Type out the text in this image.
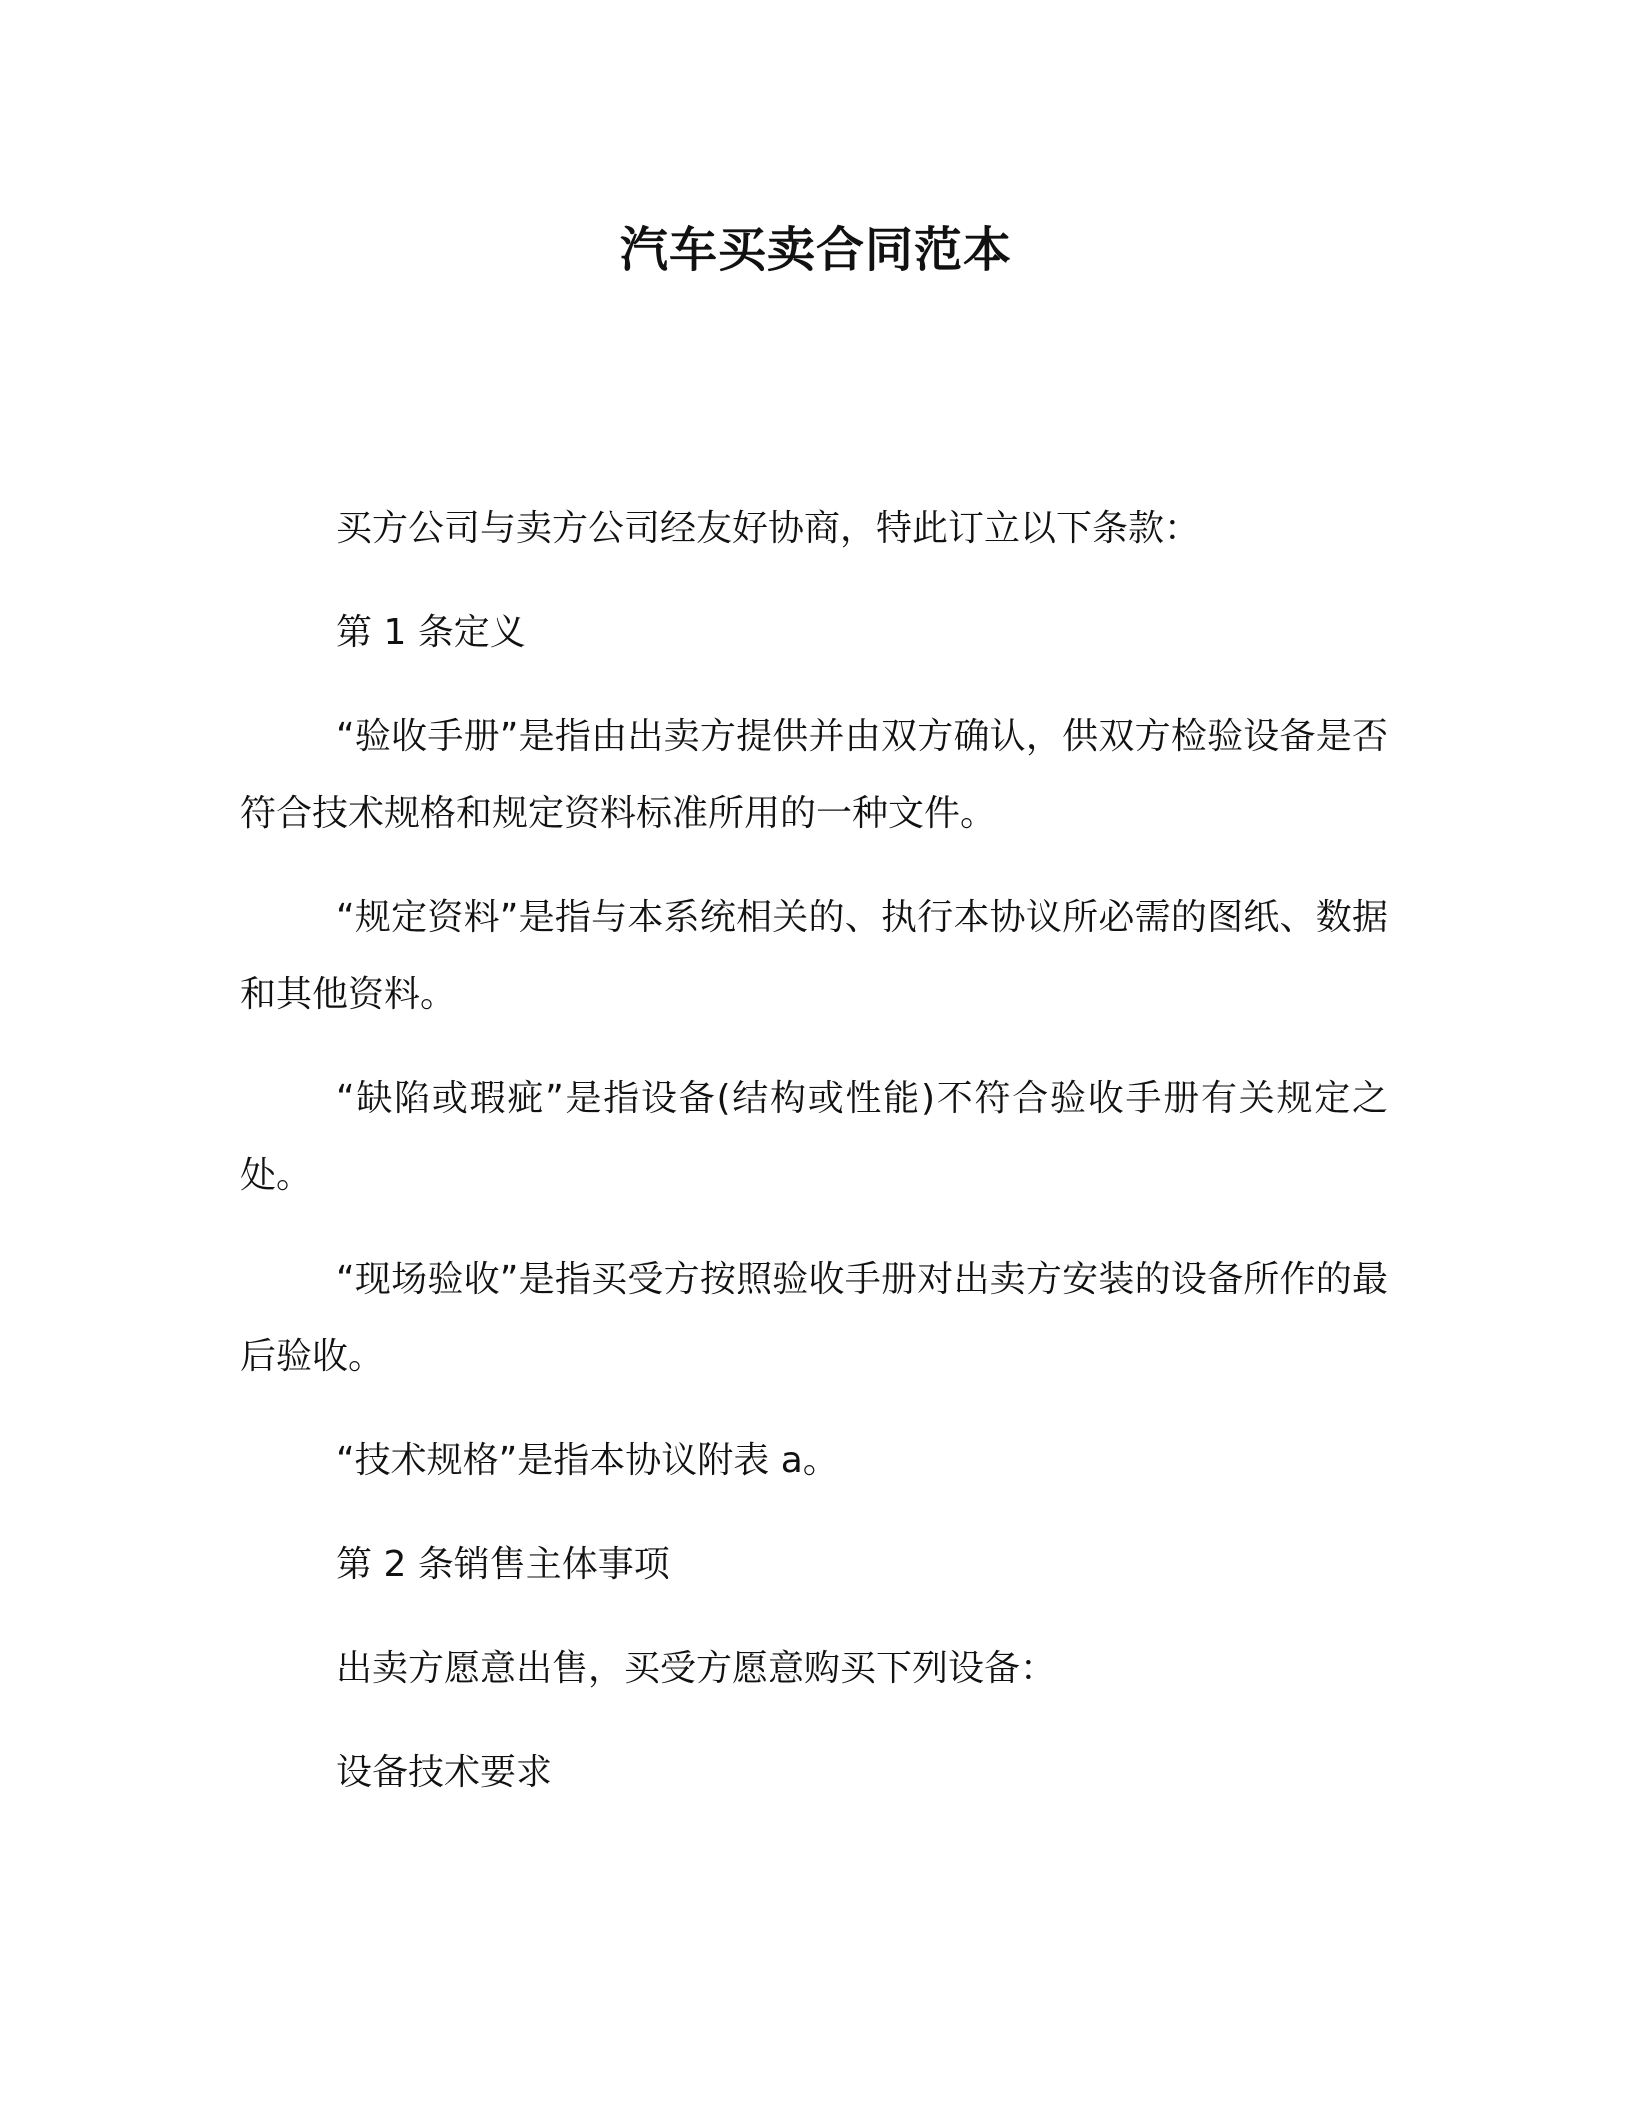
汽车买卖合同范本

买方公司与卖方公司经友好协商，特此订立以下条款：

第 1 条定义

“验收手册”是指由出卖方提供并由双方确认，供双方检验设备是否符合技术规格和规定资料标准所用的一种文件。

“规定资料”是指与本系统相关的、执行本协议所必需的图纸、数据和其他资料。

“缺陷或瑕疵”是指设备(结构或性能)不符合验收手册有关规定之处。

“现场验收”是指买受方按照验收手册对出卖方安装的设备所作的最后验收。

“技术规格”是指本协议附表 a。

第 2 条销售主体事项

出卖方愿意出售，买受方愿意购买下列设备：

设备技术要求
